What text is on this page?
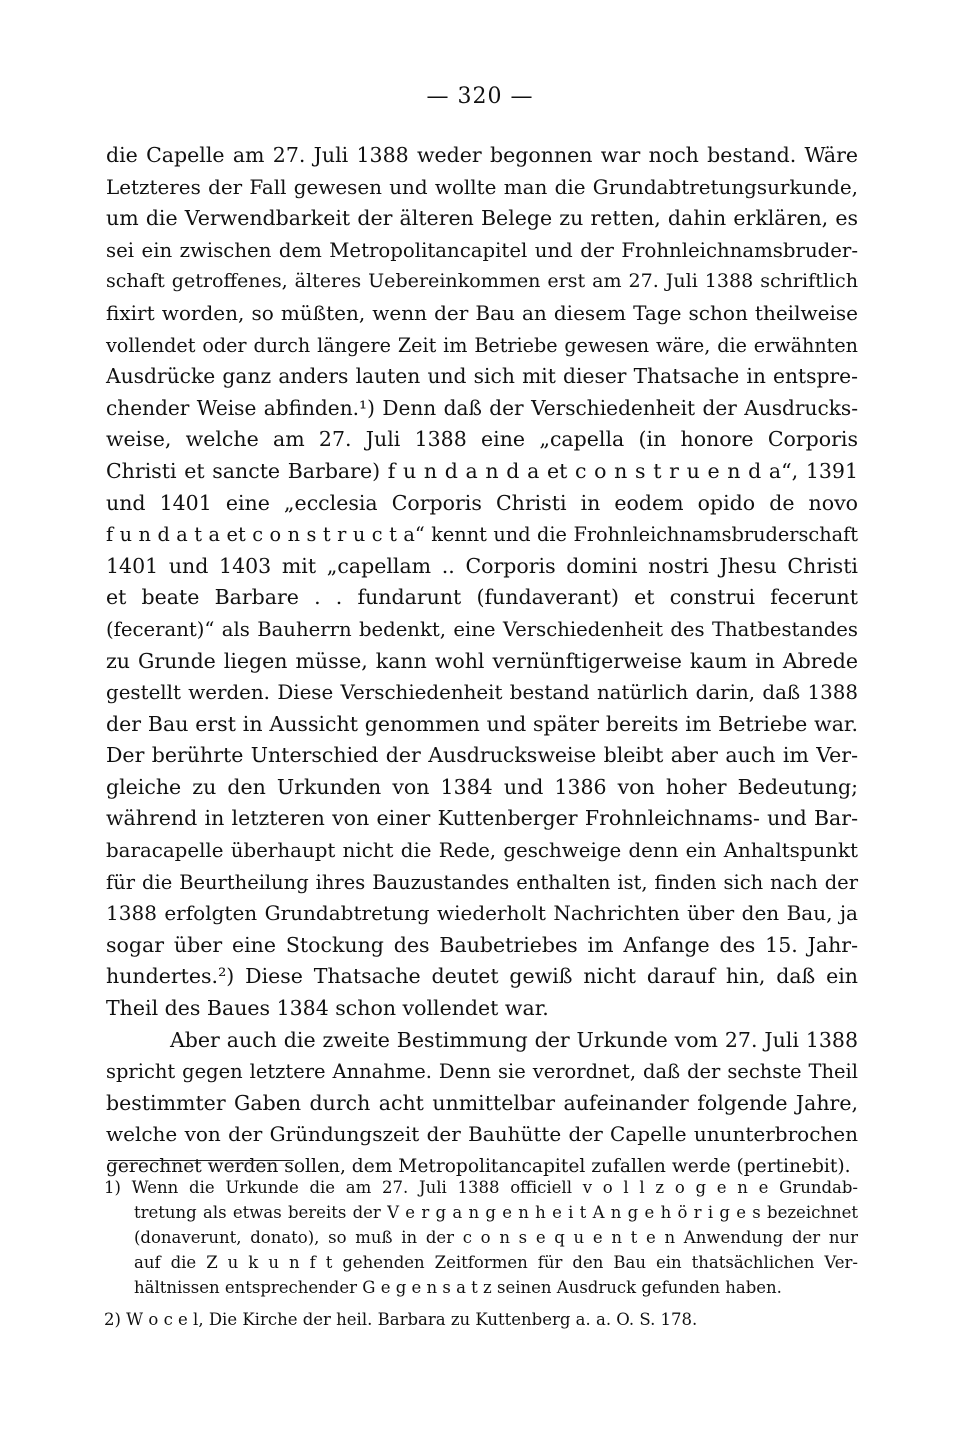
— 320 —
die Capelle am 27. Juli 1388 weder begonnen war noch bestand. Wäre
Letzteres der Fall gewesen und wollte man die Grundabtretungsurkunde,
um die Verwendbarkeit der älteren Belege zu retten, dahin erklären, es
sei ein zwischen dem Metropolitancapitel und der Frohnleichnamsbruder-
schaft getroffenes, älteres Uebereinkommen erst am 27. Juli 1388 schriftlich
fixirt worden, so müßten, wenn der Bau an diesem Tage schon theilweise
vollendet oder durch längere Zeit im Betriebe gewesen wäre, die erwähnten
Ausdrücke ganz anders lauten und sich mit dieser Thatsache in entspre-
chender Weise abfinden.¹) Denn daß der Verschiedenheit der Ausdrucks-
weise, welche am 27. Juli 1388 eine „capella (in honore Corporis
Christi et sancte Barbare) f u n d a n d a et c o n s t r u e n d a“, 1391
und 1401 eine „ecclesia Corporis Christi in eodem opido de novo
f u n d a t a et c o n s t r u c t a“ kennt und die Frohnleichnamsbruderschaft
1401 und 1403 mit „capellam .. Corporis domini nostri Jhesu Christi
et beate Barbare . . fundarunt (fundaverant) et construi fecerunt
(fecerant)“ als Bauherrn bedenkt, eine Verschiedenheit des Thatbestandes
zu Grunde liegen müsse, kann wohl vernünftigerweise kaum in Abrede
gestellt werden. Diese Verschiedenheit bestand natürlich darin, daß 1388
der Bau erst in Aussicht genommen und später bereits im Betriebe war.
Der berührte Unterschied der Ausdrucksweise bleibt aber auch im Ver-
gleiche zu den Urkunden von 1384 und 1386 von hoher Bedeutung;
während in letzteren von einer Kuttenberger Frohnleichnams- und Bar-
baracapelle überhaupt nicht die Rede, geschweige denn ein Anhaltspunkt
für die Beurtheilung ihres Bauzustandes enthalten ist, finden sich nach der
1388 erfolgten Grundabtretung wiederholt Nachrichten über den Bau, ja
sogar über eine Stockung des Baubetriebes im Anfange des 15. Jahr-
hundertes.²) Diese Thatsache deutet gewiß nicht darauf hin, daß ein
Theil des Baues 1384 schon vollendet war.
Aber auch die zweite Bestimmung der Urkunde vom 27. Juli 1388
spricht gegen letztere Annahme. Denn sie verordnet, daß der sechste Theil
bestimmter Gaben durch acht unmittelbar aufeinander folgende Jahre,
welche von der Gründungszeit der Bauhütte der Capelle ununterbrochen
gerechnet werden sollen, dem Metropolitancapitel zufallen werde (pertinebit).
1) Wenn die Urkunde die am 27. Juli 1388 officiell v o l l z o g e n e Grundab-
tretung als etwas bereits der V e r g a n g e n h e i t A n g e h ö r i g e s bezeichnet
(donaverunt, donato), so muß in der c o n s e q u e n t e n Anwendung der nur
auf die Z u k u n f t gehenden Zeitformen für den Bau ein thatsächlichen Ver-
hältnissen entsprechender G e g e n s a t z seinen Ausdruck gefunden haben.
2) W o c e l, Die Kirche der heil. Barbara zu Kuttenberg a. a. O. S. 178.
